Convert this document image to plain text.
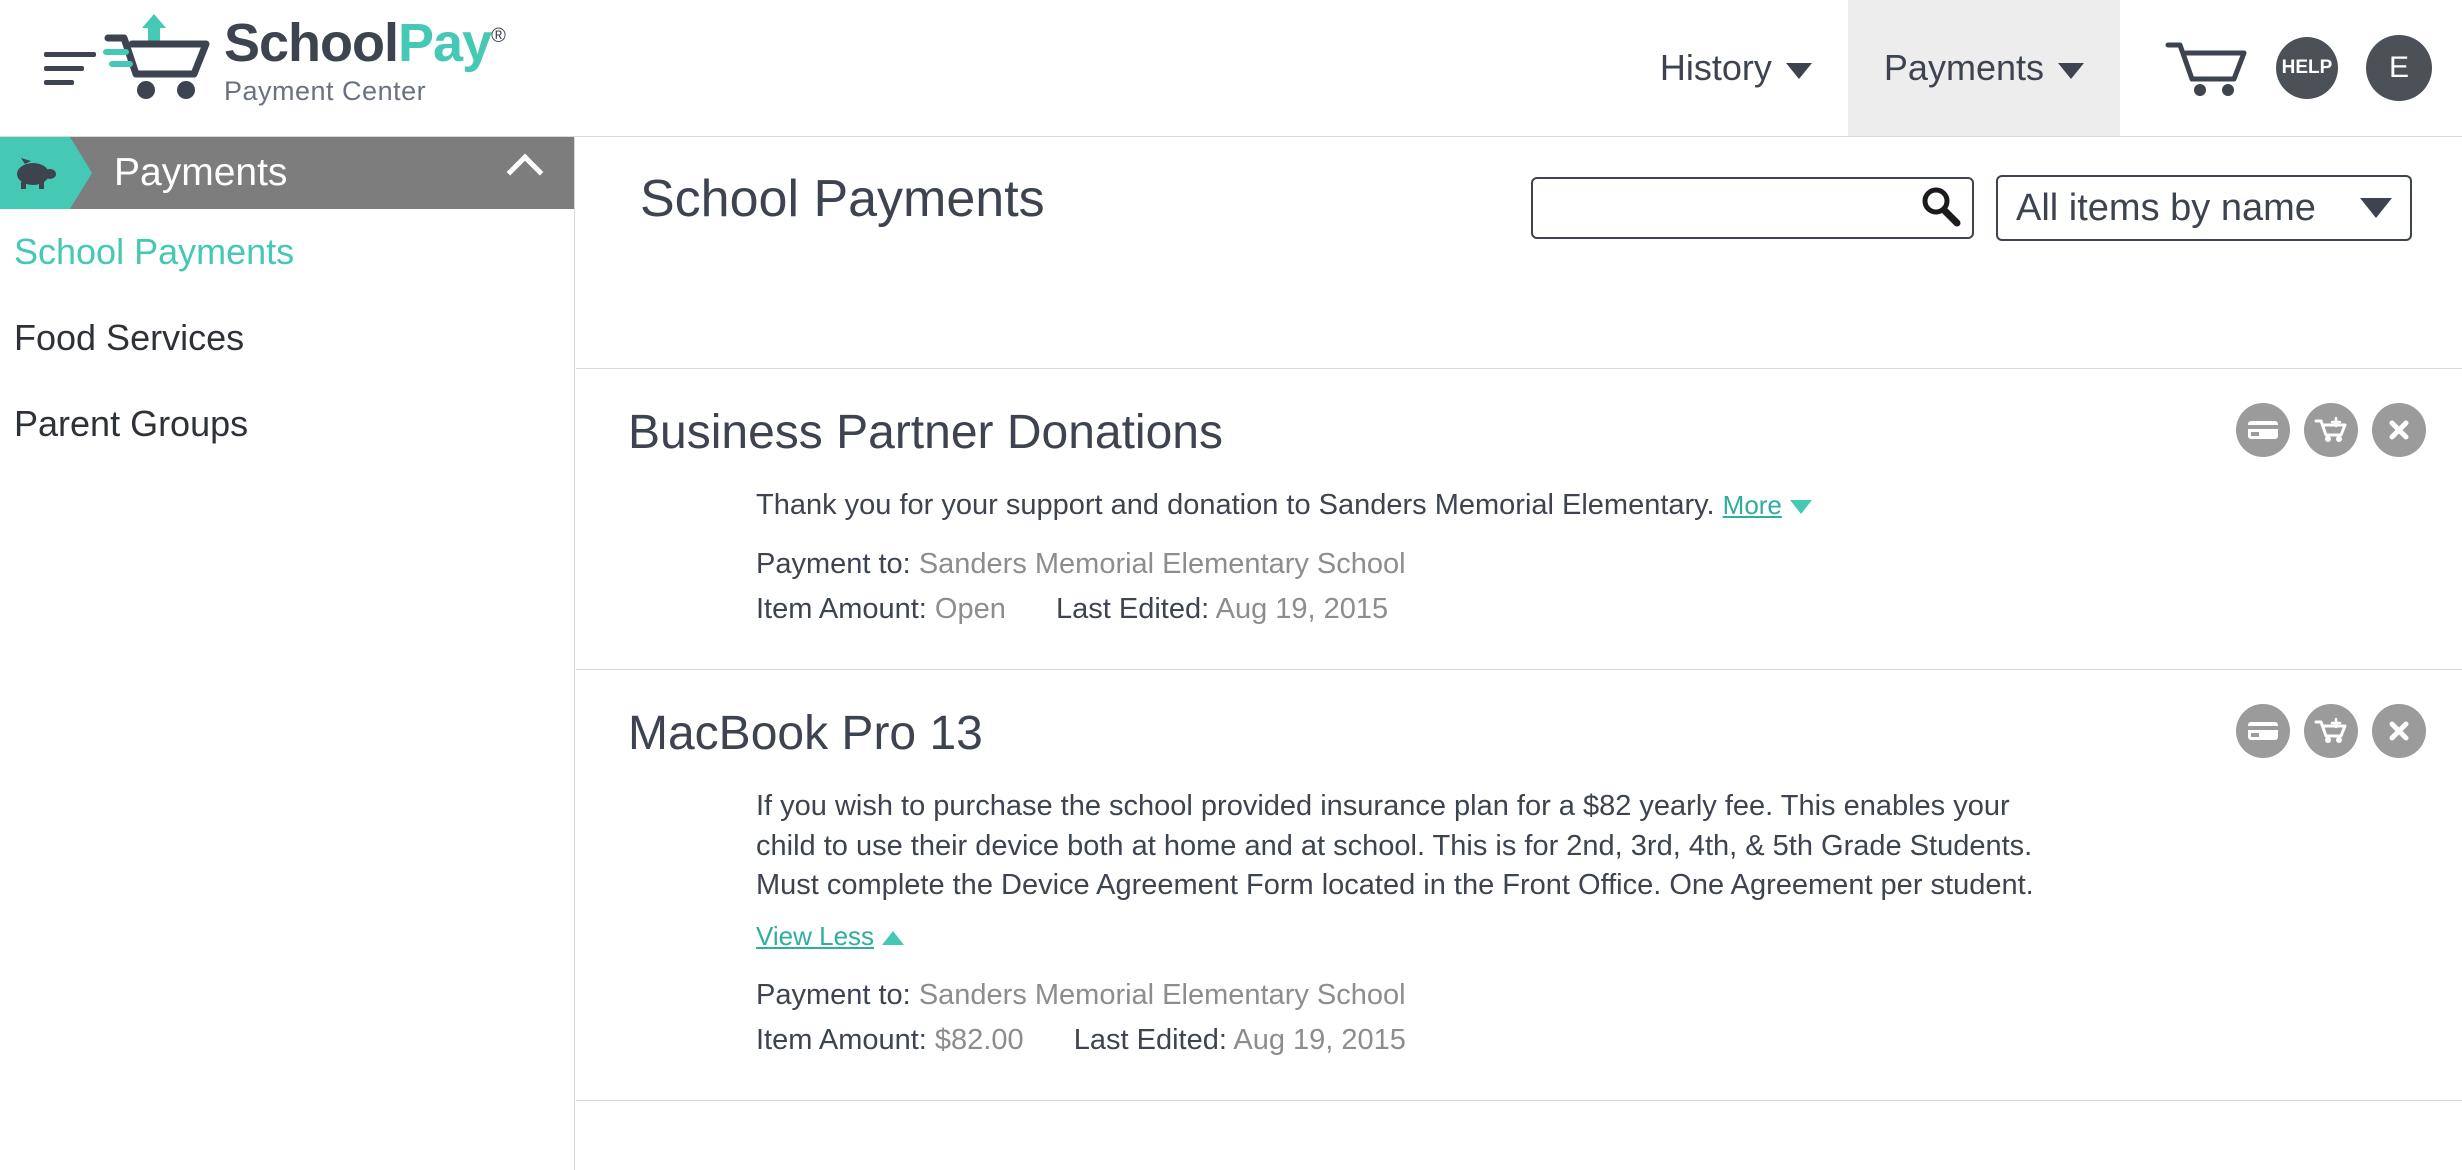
SchoolPay®
Payment Center
History	Payments	HELP E
Payments
School Payments
Food Services
Parent Groups
School Payments	All items by name
Business Partner Donations
Thank you for your support and donation to Sanders Memorial Elementary. More
Payment to: Sanders Memorial Elementary School
Item Amount: Open Last Edited: Aug 19, 2015
MacBook Pro 13
If you wish to purchase the school provided insurance plan for a $82 yearly fee. This enables your child to use their device both at home and at school. This is for 2nd, 3rd, 4th, & 5th Grade Students. Must complete the Device Agreement Form located in the Front Office. One Agreement per student.
View Less
Payment to: Sanders Memorial Elementary School
Item Amount: $82.00 Last Edited: Aug 19, 2015
